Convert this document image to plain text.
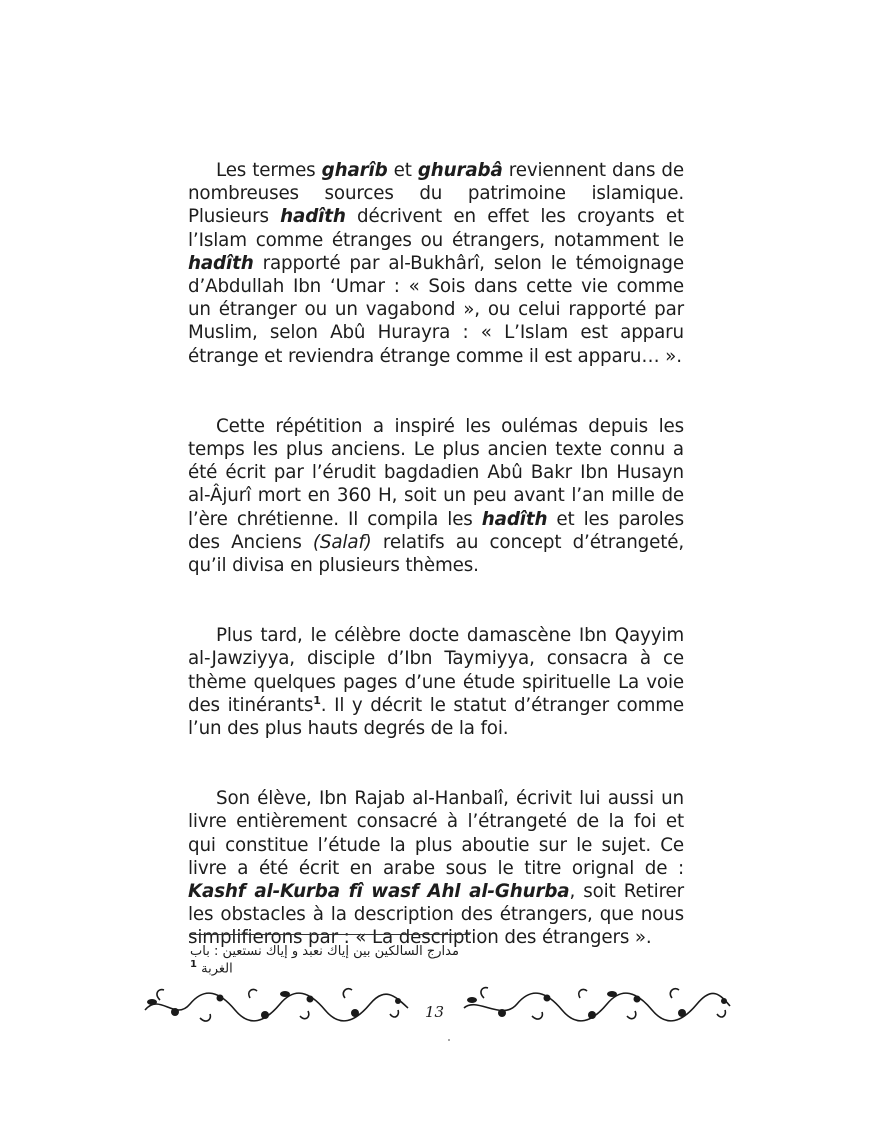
Les termes gharîb et ghurabâ reviennent dans de nombreuses sources du patrimoine islamique. Plusieurs hadîth décrivent en effet les croyants et l’Islam comme étranges ou étrangers, notamment le hadîth rapporté par al-Bukhârî, selon le témoignage d’Abdullah Ibn ‘Umar : « Sois dans cette vie comme un étranger ou un vagabond », ou celui rapporté par Muslim, selon Abû Hurayra : « L’Islam est apparu étrange et reviendra étrange comme il est apparu… ».

Cette répétition a inspiré les oulémas depuis les temps les plus anciens. Le plus ancien texte connu a été écrit par l’érudit bagdadien Abû Bakr Ibn Husayn al-Âjurî mort en 360 H, soit un peu avant l’an mille de l’ère chrétienne. Il compila les hadîth et les paroles des Anciens (Salaf) relatifs au concept d’étrangeté, qu’il divisa en plusieurs thèmes.

Plus tard, le célèbre docte damascène Ibn Qayyim al-Jawziyya, disciple d’Ibn Taymiyya, consacra à ce thème quelques pages d’une étude spirituelle La voie des itinérants$^1$. Il y décrit le statut d’étranger comme l’un des plus hauts degrés de la foi.

Son élève, Ibn Rajab al-Hanbalî, écrivit lui aussi un livre entièrement consacré à l’étrangeté de la foi et qui constitue l’étude la plus aboutie sur le sujet. Ce livre a été écrit en arabe sous le titre orignal de : Kashf al-Kurba fî wasf Ahl al-Ghurba, soit Retirer les obstacles à la description des étrangers, que nous simplifierons par : « La description des étrangers ».

مدارج السالكين بين إياك نعبد و إياك نستعين : باب الغربة $^1$
13
